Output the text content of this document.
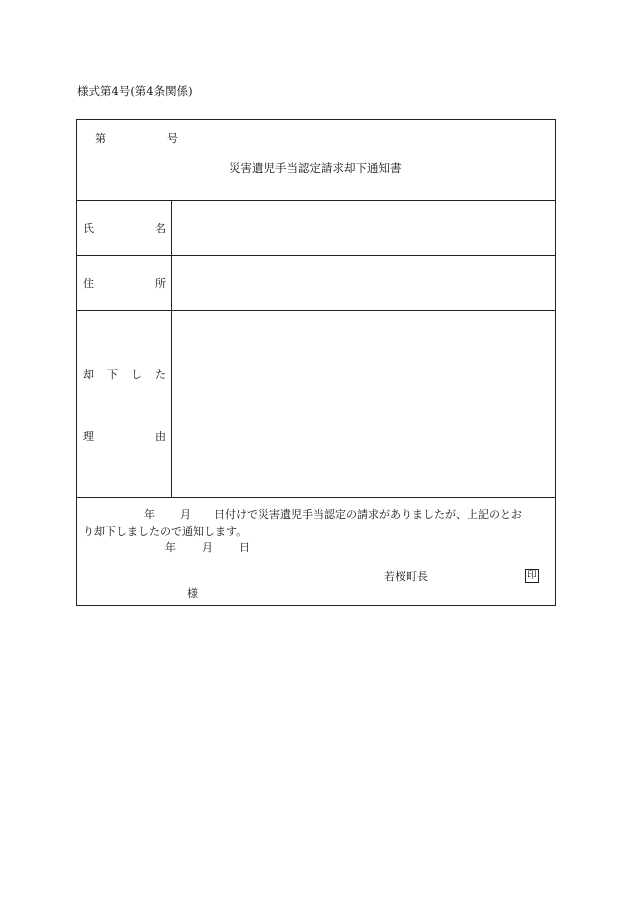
様式第4号(第4条関係)
第	号
災害遺児手当認定請求却下通知書
氏	名
住	所
却 下 し た
理	由
年 月 日付けで災害遺児手当認定の請求がありましたが、上記のとお
り却下しましたので通知します。
年 月 日
若桜町長	印
様
